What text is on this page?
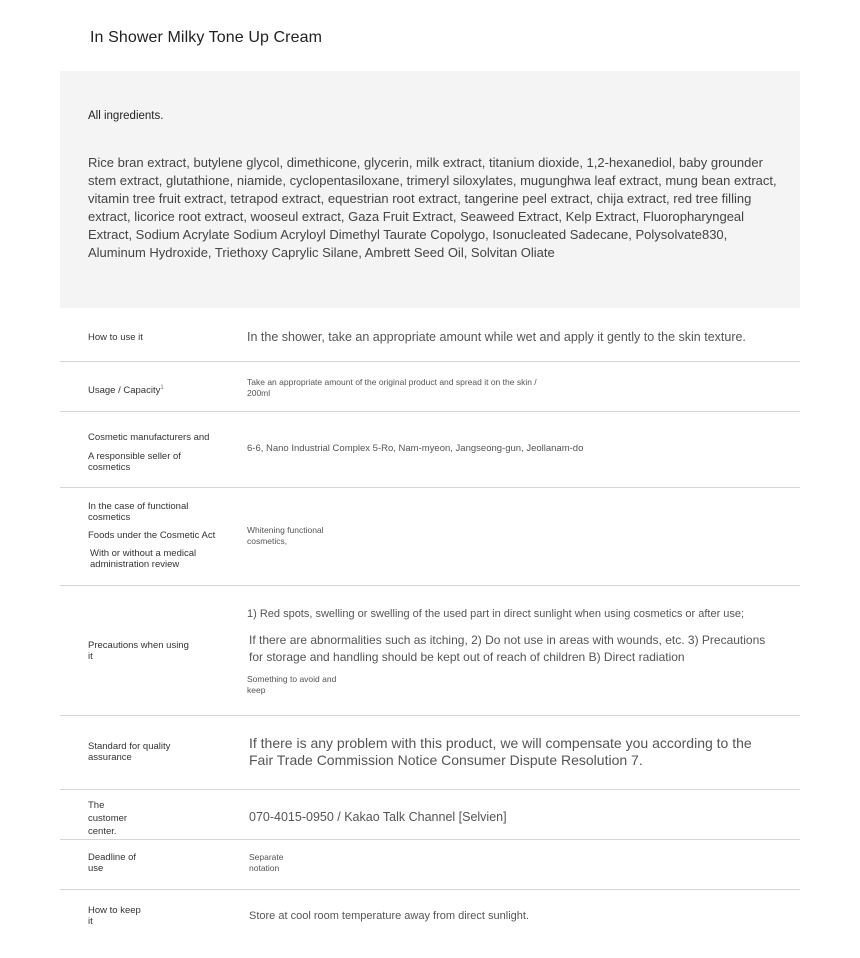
In Shower Milky Tone Up Cream
All ingredients.
Rice bran extract, butylene glycol, dimethicone, glycerin, milk extract, titanium dioxide, 1,2-hexanediol, baby grounder stem extract, glutathione, niamide, cyclopentasiloxane, trimeryl siloxylates, mugunghwa leaf extract, mung bean extract, vitamin tree fruit extract, tetrapod extract, equestrian root extract, tangerine peel extract, chija extract, red tree filling extract, licorice root extract, wooseul extract, Gaza Fruit Extract, Seaweed Extract, Kelp Extract, Fluoropharyngeal Extract, Sodium Acrylate Sodium Acryloyl Dimethyl Taurate Copolygo, Isonucleated Sadecane, Polysolvate830, Aluminum Hydroxide, Triethoxy Caprylic Silane, Ambrett Seed Oil, Solvitan Oliate
How to use it	In the shower, take an appropriate amount while wet and apply it gently to the skin texture.
Usage / Capacity$^1$
Take an appropriate amount of the original product and spread it on the skin / 200ml

Cosmetic manufacturers and

A responsible seller of cosmetics

6-6, Nano Industrial Complex 5-Ro, Nam-myeon, Jangseong-gun, Jeollanam-do

In the case of functional cosmetics

Foods under the Cosmetic Act

With or without a medical administration review

Whitening functional cosmetics,
Precautions when using it

1) Red spots, swelling or swelling of the used part in direct sunlight when using cosmetics or after use;

If there are abnormalities such as itching, 2) Do not use in areas with wounds, etc. 3) Precautions for storage and handling should be kept out of reach of children B) Direct radiation

Something to avoid and keep

Standard for quality assurance
If there is any problem with this product, we will compensate you according to the Fair Trade Commission Notice Consumer Dispute Resolution 7.
The customer center.
070-4015-0950 / Kakao Talk Channel [Selvien]
Deadline of use
Separate notation
How to keep it	Store at cool room temperature away from direct sunlight.
